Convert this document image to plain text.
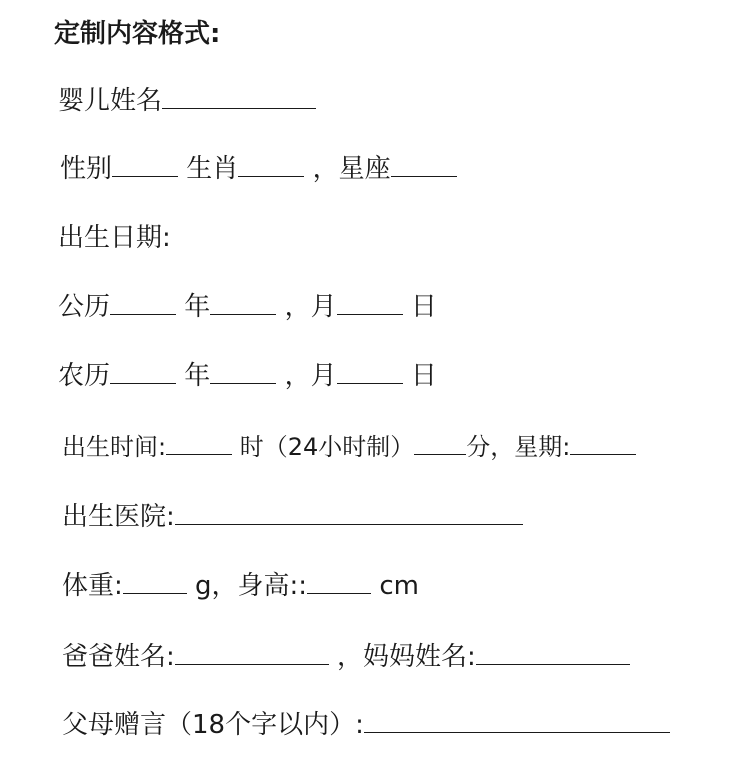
定制内容格式:
婴儿姓名
性别	生肖	，星座
出生日期:
公历	年	，月	日
农历	年	，月	日
出生时间:	时（24小时制） 分，星期:
出生医院:
体重:	g，身高::	cm
爸爸姓名:	，妈妈姓名:
父母赠言（18个字以内）:
